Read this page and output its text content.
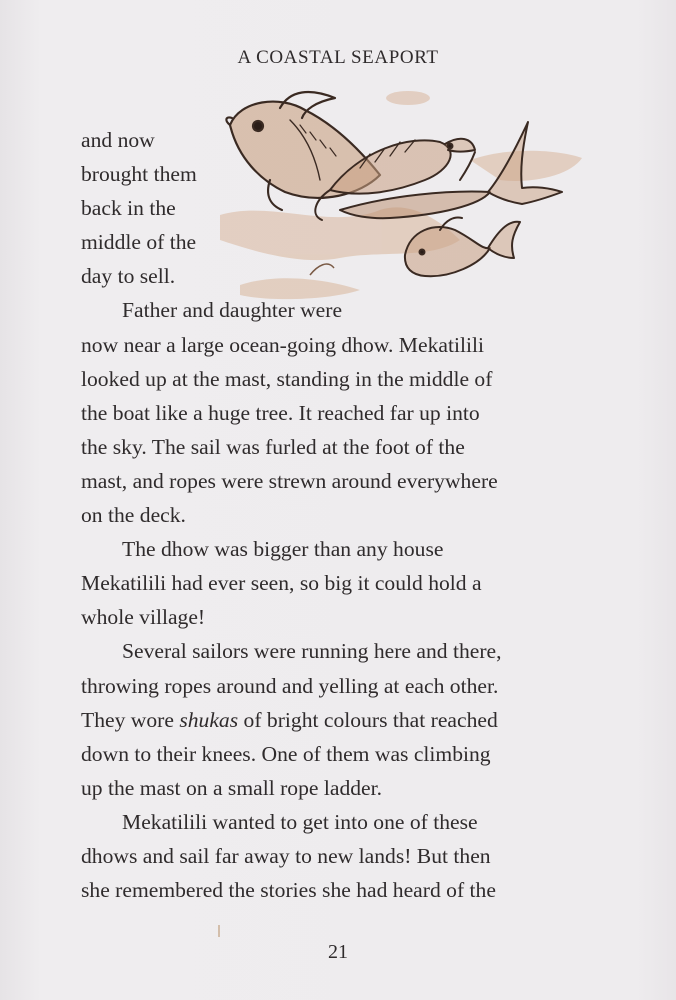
A COASTAL SEAPORT
and now
brought them
back in the
middle of the
day to sell.
Father and daughter were
now near a large ocean-going dhow. Mekatilili
looked up at the mast, standing in the middle of
the boat like a huge tree. It reached far up into
the sky. The sail was furled at the foot of the
mast, and ropes were strewn around everywhere
on the deck.
The dhow was bigger than any house
Mekatilili had ever seen, so big it could hold a
whole village!
Several sailors were running here and there,
throwing ropes around and yelling at each other.
They wore shukas of bright colours that reached
down to their knees. One of them was climbing
up the mast on a small rope ladder.
Mekatilili wanted to get into one of these
dhows and sail far away to new lands! But then
she remembered the stories she had heard of the
21
